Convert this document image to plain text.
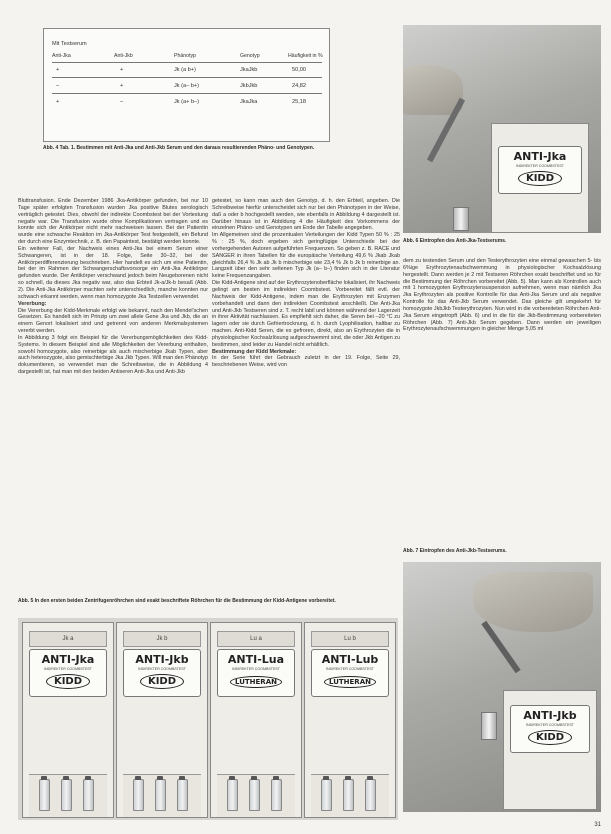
Mit Testserum
Anti-Jka	Anti-Jkb	Phänotyp	Genotyp	Häufigkeit in %
+	+	Jk (a b+)	JkaJkb	50,00
–	+	Jk (a– b+)	JkbJkb	24,82
+	–	Jk (a+ b–)	JkaJka	25,18
Abb. 4 Tab. 1. Bestimmen mit Anti-Jka und Anti-Jkb Serum und den daraus resultierenden Phäno- und Genotypen.
ANTI-Jka
INDIREKTER COOMBSTEST
KIDD
Abb. 6 Eintropfen des Anti-Jka-Testserums.

Bluttransfusion. Ende Dezember 1986 Jka-Antikörper gefunden, bei nur 10 Tage später erfolgten Transfusion wurden Jka positive Blutes serologisch verträglich getestet. Dies, obwohl der indirekte Coombstest bei der Vortestung negativ war. Die Transfusion wurde ohne Komplikationen vertragen und es konnte sich der Antikörper nicht mehr nachweisen lassen. Bei der Patientin wurde eine schwache Reaktion im Jka-Antikörper Test festgestellt, ein Befund der durch eine Enzymtechnik, z. B. den Papaintest, bestätigt werden konnte.

Ein weiterer Fall, der Nachweis eines Anti-Jka bei einem Serum einer Schwangeren, ist in der 18. Folge, Seite 30–32, bei der Antikörperdifferenzierung beschrieben. Hier handelt es sich um eine Patientin, bei der im Rahmen der Schwangerschaftsvorsorge ein Anti-Jka Antikörper gefunden wurde. Der Antikörper verschwand jedoch beim Neugeborenen nicht so schnell, da dieses Jka negativ war, also das Erbteil Jk-a/Jk-b besaß (Abb. 2). Die Anti-Jka Antikörper machten sehr unterschiedlich, manche konnten nur schwach erkannt werden, wenn man homozygote Jka Testzellen verwendet.

Vererbung:

Die Vererbung der Kidd-Merkmale erfolgt wie bekannt, nach den Mendel'schen Gesetzen. Es handelt sich im Prinzip um zwei allele Gene Jka und Jkb, die an einem Genort lokalisiert sind und getrennt von anderen Merkmalsystemen vererbt werden.

In Abbildung 3 folgt ein Beispiel für die Vererbungsmöglichkeiten des Kidd-Systems. In diesem Beispiel sind alle Möglichkeiten der Vererbung enthalten, sowohl homozygote, also reinerbige als auch mischerbige Jkab Typen, aber auch heterozygote, also gemischterbige Jka Jkb Typen. Will man den Phänotyp dokumentieren, so verwendet man die Schreibweise, die in Abbildung 4 dargestellt ist, hat man mit den beiden Antiseren Anti-Jka und Anti-Jkb

getestet, so kann man auch den Genotyp, d. h. den Erbteil, angeben. Die Schreibweise hierfür unterscheidet sich nur bei den Phänotypen in der Weise, daß a oder b hochgestellt werden, wie ebenfalls in Abbildung 4 dargestellt ist. Darüber hinaus ist in Abbildung 4 die Häufigkeit des Vorkommens der einzelnen Phäno- und Genotypen am Ende der Tabelle angegeben.

Im Allgemeinen sind die prozentualen Verteilungen der Kidd Typen 50 % : 25 % : 25 %, doch ergeben sich geringfügige Unterschiede bei der vorhergehenden Autoren aufgeführten Frequenzen. So geben z. B. RACE und SANGER in ihren Tabellen für die europäische Verteilung 49,6 % Jkab Jkab gleichfalls 26,4 % Jk ab Jk b mischerbige wie 23,4 % Jk b Jk b reinerbige an. Langzeit über den sehr seltenen Typ Jk (a– b–) finden sich in der Literatur keine Frequenzangaben.

Die Kidd-Antigene sind auf der Erythrozytenoberfläche lokalisiert, ihr Nachweis gelingt am besten im indirekten Coombstest. Vorbereitet fällt evtl. der Nachweis der Kidd-Antigene, indem man die Erythrozyten mit Enzymen vorbehandelt und dann den indirekten Coombstest anschließt. Die Anti-Jka und Anti-Jkb Testseren sind z. T. recht labil und können während der Lagerzeit in ihrer Aktivität nachlassen. Es empfiehlt sich daher, die Seren bei –20 °C zu lagern oder sie durch Gefriertrocknung, d. h. durch Lyophilisation, haltbar zu machen. Anti-Kidd Seren, die es gefroren, direkt, also an Erythrozyten die in physiologischer Kochsalzlösung aufgeschwemmt sind, die oder Jkb Antigen zu bestimmen, sind leider zu Handel nicht erhältlich.

Bestimmung der Kidd Merkmale:

In der Serie führt der Gebrauch zuletzt in der 19. Folge, Seite 29, beschriebenen Weise, wird von

dem zu testenden Serum und den Testerythrozyten eine einmal gewaschen 5- bis 6%ige Erythrozytenaufschwemmung in physiologischer Kochsalzlösung hergestellt. Dann werden je 2 mit Testseren Röhrchen exakt beschriftet und so für die Bestimmung der Röhrchen vorbereitet (Abb. 5). Man kann als Kontrollen auch mit 1 homozygoten Erythrozytensuspension aufnehmen, wenn man nämlich Jka Jka Erythrozyten als positive Kontrolle für das Anti-Jka Serum und als negative Kontrolle für das Anti-Jkb Serum verwendet. Das gleiche gilt umgekehrt für homozygote JkbJkb Testerythrozyten. Nun wird in die vorbereiteten Röhrchen Anti-Jka Serum eingetropft (Abb. 6) und in die für die Jkb-Bestimmung vorbereiteten Röhrchen (Abb. 7) Anti-Jkb Serum gegeben. Dann werden ein jeweiligen Erythrozytenaufschwemmungen in gleicher Menge 5,05 ml

Abb. 7 Eintropfen des Anti-Jkb-Testserums.
ANTI-Jkb
INDIREKTER COOMBSTEST
KIDD
Abb. 5 In den ersten beiden Zentrifugenröhrchen sind exakt beschriftete Röhrchen für die Bestimmung der Kidd-Antigene vorbereitet.
Jk a
ANTI-Jka
INDIREKTER COOMBSTEST
KIDD
Jk b
ANTI-Jkb
INDIREKTER COOMBSTEST
KIDD
Lu a
ANTI-Lua
INDIREKTER COOMBSTEST
LUTHERAN
Lu b
ANTI-Lub
INDIREKTER COOMBSTEST
LUTHERAN
31
